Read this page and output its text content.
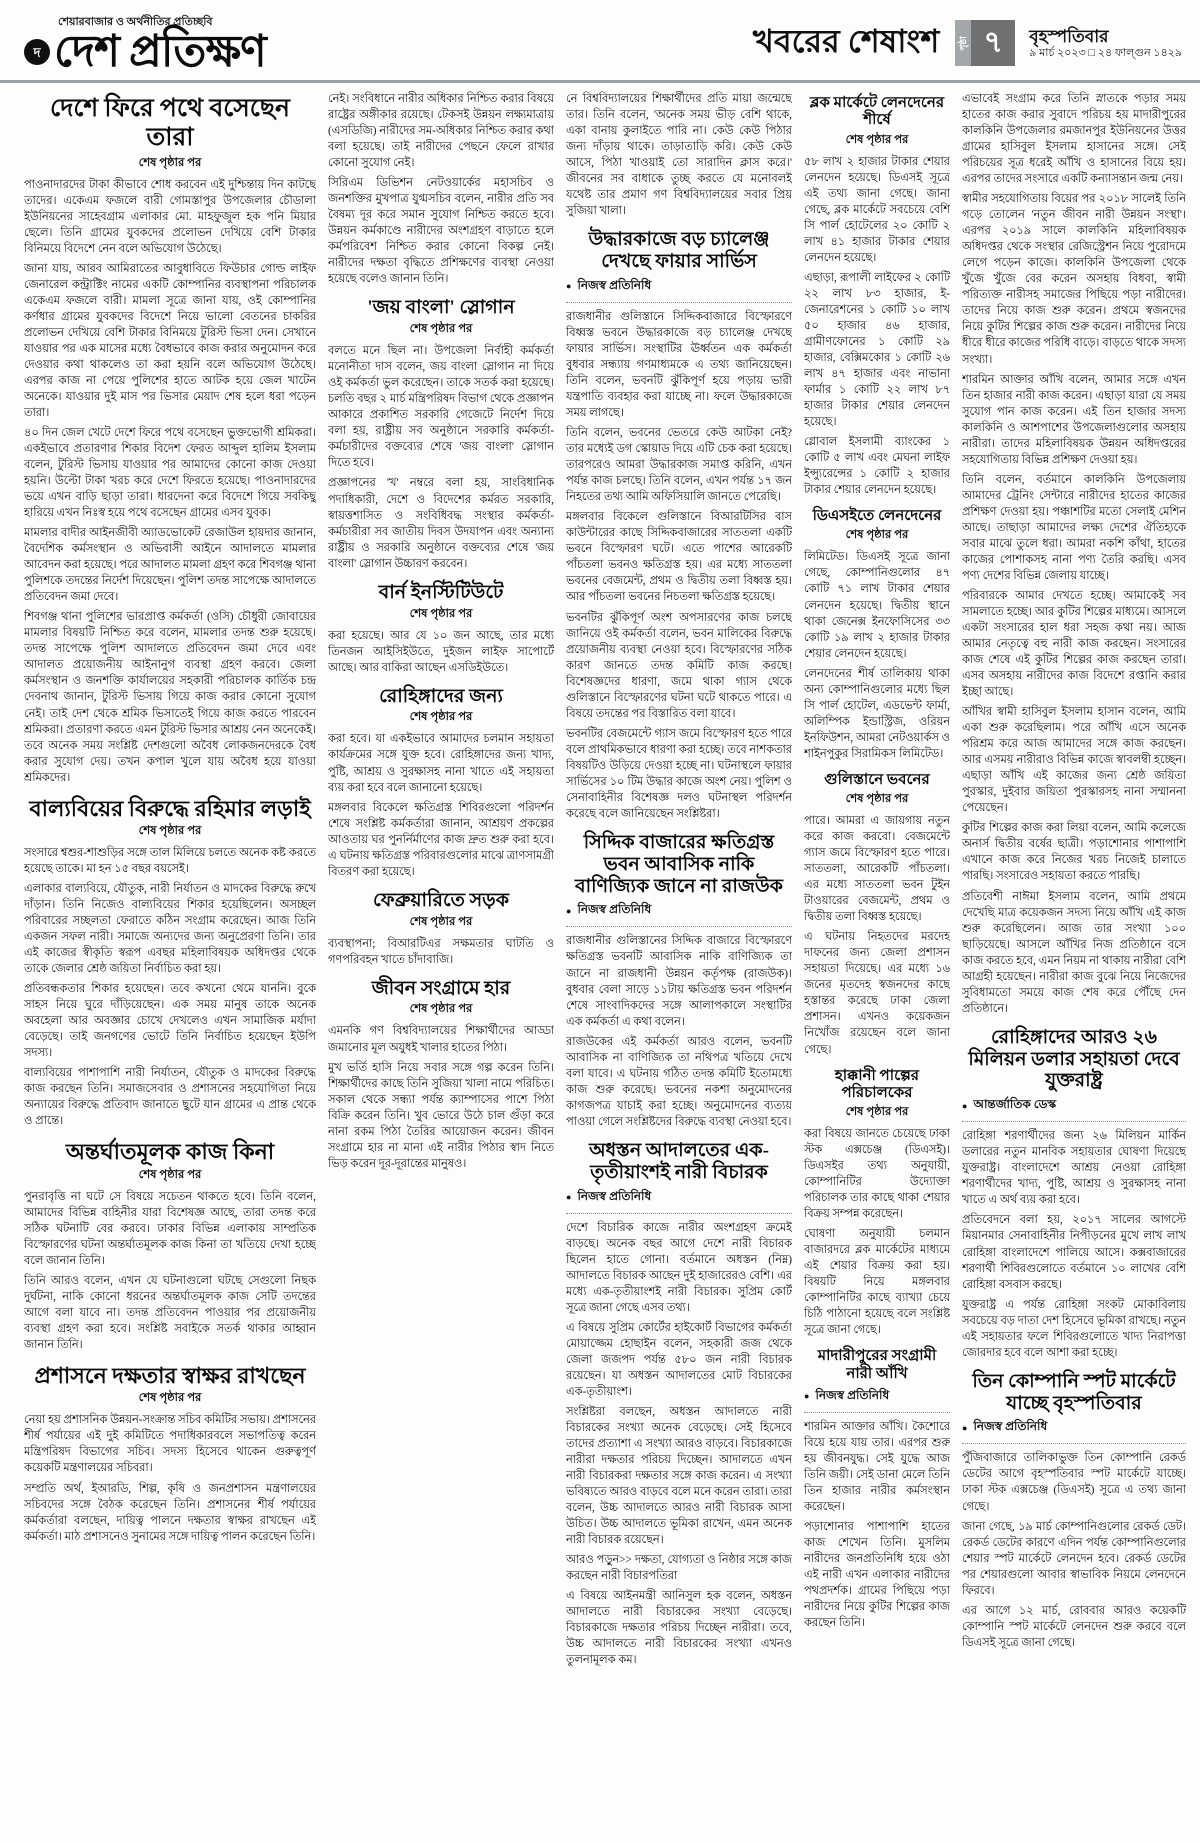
শেয়ারবাজার ও অর্থনীতির প্রতিচ্ছবি
দ দেশ প্রতিক্ষণ	খবরের শেষাংশ পৃষ্ঠা ৭	বৃহস্পতিবার
৯ মার্চ ২০২৩ □ ২৪ ফাল্গুন ১৪২৯
দেশে ফিরে পথে বসেছেন তারা
শেষ পৃষ্ঠার পর

পাওনাদারদের টাকা কীভাবে শোধ করবেন এই দুশ্চিন্তায় দিন কাটছে তাদের। একেএম ফজলে বারী গোমস্তাপুর উপজেলার চৌডালা ইউনিয়নের সাহেবগ্রাম এলাকার মো. মাহফুজুল হক পনি মিয়ার ছেলে। তিনি গ্রামের যুবকদের প্রলোভন দেখিয়ে বেশি টাকার বিনিময়ে বিদেশে নেন বলে অভিযোগ উঠেছে।

জানা যায়, আরব আমিরাতের আবুধাবিতে ফিউচার গোল্ড লাইফ জেনারেল কন্ট্রাক্টিং নামের একটি কোম্পানির ব্যবস্থাপনা পরিচালক একেএম ফজলে বারী। মামলা সূত্রে জানা যায়, ওই কোম্পানির কর্ণধার গ্রামের যুবকদের বিদেশে নিয়ে ভালো বেতনের চাকরির প্রলোভন দেখিয়ে বেশি টাকার বিনিময়ে টুরিস্ট ভিসা দেন। সেখানে যাওয়ার পর এক মাসের মধ্যে বৈধভাবে কাজ করার অনুমোদন করে দেওয়ার কথা থাকলেও তা করা হয়নি বলে অভিযোগ উঠেছে। এরপর কাজ না পেয়ে পুলিশের হাতে আটক হয়ে জেল খাটেন অনেকে। যাওয়ার দুই মাস পর ভিসার মেয়াদ শেষ হলে ধরা পড়েন তারা।

৪০ দিন জেল খেটে দেশে ফিরে পথে বসেছেন ভুক্তভোগী শ্রমিকরা। একইভাবে প্রতারণার শিকার বিদেশ ফেরত আব্দুল হালিম ইসলাম বলেন, টুরিস্ট ভিসায় যাওয়ার পর আমাদের কোনো কাজ দেওয়া হয়নি। উল্টো টাকা খরচ করে দেশে ফিরতে হয়েছে। পাওনাদারদের ভয়ে এখন বাড়ি ছাড়া তারা। ধারদেনা করে বিদেশে গিয়ে সবকিছু হারিয়ে এখন নিঃস্ব হয়ে পথে বসেছেন গ্রামের এসব যুবক।

মামলার বাদীর আইনজীবী অ্যাডভোকেট রেজাউল হায়দার জানান, বৈদেশিক কর্মসংস্থান ও অভিবাসী আইনে আদালতে মামলার আবেদন করা হয়েছে। পরে আদালত মামলা গ্রহণ করে শিবগঞ্জ থানা পুলিশকে তদন্তের নির্দেশ দিয়েছেন। পুলিশ তদন্ত সাপেক্ষে আদালতে প্রতিবেদন জমা দেবে।

শিবগঞ্জ থানা পুলিশের ভারপ্রাপ্ত কর্মকর্তা (ওসি) চৌধুরী জোবায়ের মামলার বিষয়টি নিশ্চিত করে বলেন, মামলার তদন্ত শুরু হয়েছে। তদন্ত সাপেক্ষে পুলিশ আদালতে প্রতিবেদন জমা দেবে এবং আদালত প্রয়োজনীয় আইনানুগ ব্যবস্থা গ্রহণ করবে। জেলা কর্মসংস্থান ও জনশক্তি কার্যালয়ের সহকারী পরিচালক কার্তিক চন্দ্র দেবনাথ জানান, টুরিস্ট ভিসায় গিয়ে কাজ করার কোনো সুযোগ নেই। তাই দেশ থেকে শ্রমিক ভিসাতেই গিয়ে কাজ করতে পারবেন শ্রমিকরা। প্রতারণা করতে এমন টুরিস্ট ভিসার আশ্রয় নেন অনেকেই। তবে অনেক সময় সংশ্লিষ্ট দেশগুলো অবৈধ লোকজনদেরকে বৈধ করার সুযোগ দেয়। তখন কপাল খুলে যায় অবৈধ হয়ে যাওয়া শ্রমিকদের।

বাল্যবিয়ের বিরুদ্ধে রহিমার লড়াই
শেষ পৃষ্ঠার পর

সংসারে শ্বশুর-শাশুড়ির সঙ্গে তাল মিলিয়ে চলতে অনেক কষ্ট করতে হয়েছে তাকে। মা হন ১৫ বছর বয়সেই।

এলাকার বাল্যবিয়ে, যৌতুক, নারী নির্যাতন ও মাদকের বিরুদ্ধে রুখে দাঁড়ান। তিনি নিজেও বাল্যবিয়ের শিকার হয়েছিলেন। অসচ্ছল পরিবারের সচ্ছলতা ফেরাতে কঠিন সংগ্রাম করেছেন। আজ তিনি একজন সফল নারী। সমাজে অন্যদের জন্য অনুপ্রেরণা তিনি। তার এই কাজের স্বীকৃতি স্বরূপ এবছর মহিলাবিষয়ক অধিদপ্তর থেকে তাকে জেলার শ্রেষ্ঠ জয়িতা নির্বাচিত করা হয়।

প্রতিবন্ধকতার শিকার হয়েছেন। তবে কখনো থেমে যাননি। বুকে সাহস নিয়ে ঘুরে দাঁড়িয়েছেন। এক সময় মানুষ তাকে অনেক অবহেলা আর অবজ্ঞার চোখে দেখলেও এখন সামাজিক মর্যাদা বেড়েছে। তাই জনগণের ভোটে তিনি নির্বাচিত হয়েছেন ইউপি সদস্য।

বাল্যবিয়ের পাশাপাশি নারী নির্যাতন, যৌতুক ও মাদকের বিরুদ্ধে কাজ করছেন তিনি। সমাজসেবার ও প্রশাসনের সহযোগিতা নিয়ে অন্যায়ের বিরুদ্ধে প্রতিবাদ জানাতে ছুটে যান গ্রামের এ প্রান্ত থেকে ও প্রান্তে।

অন্তর্ঘাতমূলক কাজ কিনা
শেষ পৃষ্ঠার পর

পুনরাবৃত্তি না ঘটে সে বিষয়ে সচেতন থাকতে হবে। তিনি বলেন, আমাদের বিভিন্ন বাহিনীর যারা বিশেষজ্ঞ আছে, তারা তদন্ত করে সঠিক ঘটনাটি বের করবে। ঢাকার বিভিন্ন এলাকায় সাম্প্রতিক বিস্ফোরণের ঘটনা অন্তর্ঘাতমূলক কাজ কিনা তা খতিয়ে দেখা হচ্ছে বলে জানান তিনি।

তিনি আরও বলেন, এখন যে ঘটনাগুলো ঘটছে সেগুলো নিছক দুর্ঘটনা, নাকি কোনো ধরনের অন্তর্ঘাতমূলক কাজ সেটি তদন্তের আগে বলা যাবে না। তদন্ত প্রতিবেদন পাওয়ার পর প্রয়োজনীয় ব্যবস্থা গ্রহণ করা হবে। সংশ্লিষ্ট সবাইকে সতর্ক থাকার আহ্বান জানান তিনি।

প্রশাসনে দক্ষতার স্বাক্ষর রাখছেন
শেষ পৃষ্ঠার পর

নেয়া হয় প্রশাসনিক উন্নয়ন-সংক্রান্ত সচিব কমিটির সভায়। প্রশাসনের শীর্ষ পর্যায়ের এই দুই কমিটিতে পদাধিকারবলে সভাপতিত্ব করেন মন্ত্রিপরিষদ বিভাগের সচিব। সদস্য হিসেবে থাকেন গুরুত্বপূর্ণ কয়েকটি মন্ত্রণালয়ের সচিবরা।

সম্প্রতি অর্থ, ইআরডি, শিল্প, কৃষি ও জনপ্রশাসন মন্ত্রণালয়ের সচিবদের সঙ্গে বৈঠক করেছেন তিনি। প্রশাসনের শীর্ষ পর্যায়ের কর্মকর্তারা বলছেন, দায়িত্ব পালনে দক্ষতার স্বাক্ষর রাখছেন এই কর্মকর্তা। মাঠ প্রশাসনেও সুনামের সঙ্গে দায়িত্ব পালন করেছেন তিনি।

নেই। সংবিধানে নারীর অধিকার নিশ্চিত করার বিষয়ে রাষ্ট্রের অঙ্গীকার রয়েছে। টেকসই উন্নয়ন লক্ষ্যমাত্রায় (এসডিজি) নারীদের সম-অধিকার নিশ্চিত করার কথা বলা হয়েছে। তাই নারীদের পেছনে ফেলে রাখার কোনো সুযোগ নেই।

সিরিএম ডিভিশন নেটওয়ার্কের মহাসচিব ও জনশক্তির মুখপাত্র যুগ্মসচিব বলেন, নারীর প্রতি সব বৈষম্য দূর করে সমান সুযোগ নিশ্চিত করতে হবে। উন্নয়ন কর্মকাণ্ডে নারীদের অংশগ্রহণ বাড়াতে হলে কর্মপরিবেশ নিশ্চিত করার কোনো বিকল্প নেই। নারীদের দক্ষতা বৃদ্ধিতে প্রশিক্ষণের ব্যবস্থা নেওয়া হয়েছে বলেও জানান তিনি।

'জয় বাংলা' স্লোগান
শেষ পৃষ্ঠার পর

বলতে মনে ছিল না। উপজেলা নির্বাহী কর্মকর্তা মনোনীতা দাস বলেন, জয় বাংলা স্লোগান না দিয়ে ওই কর্মকর্তা ভুল করেছেন। তাকে সতর্ক করা হয়েছে। চলতি বছর ২ মার্চ মন্ত্রিপরিষদ বিভাগ থেকে প্রজ্ঞাপন আকারে প্রকাশিত সরকারি গেজেটে নির্দেশ দিয়ে বলা হয়, রাষ্ট্রীয় সব অনুষ্ঠানে সরকারি কর্মকর্তা-কর্মচারীদের বক্তব্যের শেষে 'জয় বাংলা' স্লোগান দিতে হবে।

প্রজ্ঞাপনের 'খ' নম্বরে বলা হয়, সাংবিধানিক পদাধিকারী, দেশে ও বিদেশের কর্মরত সরকারি, স্বায়ত্তশাসিত ও সংবিধিবদ্ধ সংস্থার কর্মকর্তা-কর্মচারীরা সব জাতীয় দিবস উদযাপন এবং অন্যান্য রাষ্ট্রীয় ও সরকারি অনুষ্ঠানে বক্তব্যের শেষে 'জয় বাংলা' স্লোগান উচ্চারণ করবেন।

বার্ন ইনস্টিটিউটে
শেষ পৃষ্ঠার পর

করা হয়েছে। আর যে ১০ জন আছে, তার মধ্যে তিনজন আইসিইউতে, দুইজন লাইফ সাপোর্টে আছে। আর বাকিরা আছেন এসডিইউতে।

রোহিঙ্গাদের জন্য
শেষ পৃষ্ঠার পর

করা হবে। যা একইভাবে আমাদের চলমান সহায়তা কার্যক্রমের সঙ্গে যুক্ত হবে। রোহিঙ্গাদের জন্য খাদ্য, পুষ্টি, আশ্রয় ও সুরক্ষাসহ নানা খাতে এই সহায়তা ব্যয় করা হবে বলে জানানো হয়েছে।

মঙ্গলবার বিকেলে ক্ষতিগ্রস্ত শিবিরগুলো পরিদর্শন শেষে সংশ্লিষ্ট কর্মকর্তারা জানান, আশ্রয়ণ প্রকল্পের আওতায় ঘর পুনর্নির্মাণের কাজ দ্রুত শুরু করা হবে। এ ঘটনায় ক্ষতিগ্রস্ত পরিবারগুলোর মাঝে ত্রাণসামগ্রী বিতরণ করা হয়েছে।

ফেব্রুয়ারিতে সড়ক
শেষ পৃষ্ঠার পর

ব্যবস্থাপনা; বিআরটিএর সক্ষমতার ঘাটতি ও গণপরিবহন খাতে চাঁদাবাজি।

জীবন সংগ্রামে হার
শেষ পৃষ্ঠার পর

এমনকি গণ বিশ্ববিদ্যালয়ের শিক্ষার্থীদের আড্ডা জমানোর মূল অযুধই খালার হাতের পিঠা।

মুখ ভর্তি হাসি নিয়ে সবার সঙ্গে গল্প করেন তিনি। শিক্ষার্থীদের কাছে তিনি সুজিয়া খালা নামে পরিচিত। সকাল থেকে সন্ধ্যা পর্যন্ত ক্যাম্পাসের পাশে পিঠা বিক্রি করেন তিনি। খুব ভোরে উঠে চাল গুঁড়া করে নানা রকম পিঠা তৈরির আয়োজন করেন। জীবন সংগ্রামে হার না মানা এই নারীর পিঠার স্বাদ নিতে ভিড় করেন দূর-দূরান্তের মানুষও।

নে বিশ্ববিদ্যালয়ের শিক্ষার্থীদের প্রতি মায়া জন্মেছে তার। তিনি বলেন, 'অনেক সময় ভীড় বেশি থাকে, একা বানায় কুলাইতে পারি না। কেউ কেউ পিঠার জন্য দাঁড়ায় থাকে। তাড়াতাড়ি করি। কেউ কেউ আসে, পিঠা খাওয়াই তো সারাদিন ক্লাস করে।' জীবনের সব বাধাকে তুচ্ছ করতে যে মনোবলই যথেষ্ট তার প্রমাণ গণ বিশ্ববিদ্যালয়ের সবার প্রিয় সুজিয়া খালা।

উদ্ধারকাজে বড় চ্যালেঞ্জ দেখছে ফায়ার সার্ভিস
● নিজস্ব প্রতিনিধি

রাজধানীর গুলিস্তানে সিদ্দিকবাজারে বিস্ফোরণে বিধ্বস্ত ভবনে উদ্ধারকাজে বড় চ্যালেঞ্জ দেখছে ফায়ার সার্ভিস। সংস্থাটির ঊর্ধ্বতন এক কর্মকর্তা বুধবার সন্ধ্যায় গণমাধ্যমকে এ তথ্য জানিয়েছেন। তিনি বলেন, ভবনটি ঝুঁকিপূর্ণ হয়ে পড়ায় ভারী যন্ত্রপাতি ব্যবহার করা যাচ্ছে না। ফলে উদ্ধারকাজে সময় লাগছে।

তিনি বলেন, ভবনের ভেতরে কেউ আটকা নেই? তার মধ্যেই ডগ স্কোয়াড দিয়ে এটি চেক করা হয়েছে। তারপরেও আমরা উদ্ধারকাজ সমাপ্ত করিনি, এখন পর্যন্ত কাজ চলছে। তিনি বলেন, এখন পর্যন্ত ১৭ জন নিহতের তথ্য আমি অফিসিয়ালি জানতে পেরেছি।

মঙ্গলবার বিকেলে গুলিস্তানে বিআরটিসির বাস কাউন্টারের কাছে সিদ্দিকবাজারের সাততলা একটি ভবনে বিস্ফোরণ ঘটে। এতে পাশের আরেকটি পাঁচতলা ভবনও ক্ষতিগ্রস্ত হয়। এর মধ্যে সাততলা ভবনের বেজমেন্ট, প্রথম ও দ্বিতীয় তলা বিধ্বস্ত হয়। আর পাঁচতলা ভবনের নিচতলা ক্ষতিগ্রস্ত হয়েছে।

ভবনটির ঝুঁকিপূর্ণ অংশ অপসারণের কাজ চলছে জানিয়ে ওই কর্মকর্তা বলেন, ভবন মালিকের বিরুদ্ধে প্রয়োজনীয় ব্যবস্থা নেওয়া হবে। বিস্ফোরণের সঠিক কারণ জানতে তদন্ত কমিটি কাজ করছে। বিশেষজ্ঞদের ধারণা, জমে থাকা গ্যাস থেকে গুলিস্তানে বিস্ফোরণের ঘটনা ঘটে থাকতে পারে। এ বিষয়ে তদন্তের পর বিস্তারিত বলা যাবে।

ভবনটির বেজমেন্টে গ্যাস জমে বিস্ফোরণ হতে পারে বলে প্রাথমিকভাবে ধারণা করা হচ্ছে। তবে নাশকতার বিষয়টিও উড়িয়ে দেওয়া হচ্ছে না। ঘটনাস্থলে ফায়ার সার্ভিসের ১০ টিম উদ্ধার কাজে অংশ নেয়। পুলিশ ও সেনাবাহিনীর বিশেষজ্ঞ দলও ঘটনাস্থল পরিদর্শন করেছে বলে জানিয়েছেন সংশ্লিষ্টরা।

সিদ্দিক বাজারের ক্ষতিগ্রস্ত ভবন আবাসিক নাকি বাণিজ্যিক জানে না রাজউক
● নিজস্ব প্রতিনিধি

রাজধানীর গুলিস্তানের সিদ্দিক বাজারে বিস্ফোরণে ক্ষতিগ্রস্ত ভবনটি আবাসিক নাকি বাণিজ্যিক তা জানে না রাজধানী উন্নয়ন কর্তৃপক্ষ (রাজউক)। বুধবার বেলা সাড়ে ১১টায় ক্ষতিগ্রস্ত ভবন পরিদর্শন শেষে সাংবাদিকদের সঙ্গে আলাপকালে সংস্থাটির এক কর্মকর্তা এ কথা বলেন।

রাজউকের এই কর্মকর্তা আরও বলেন, ভবনটি আবাসিক না বাণিজ্যিক তা নথিপত্র খতিয়ে দেখে বলা যাবে। এ ঘটনায় গঠিত তদন্ত কমিটি ইতোমধ্যে কাজ শুরু করেছে। ভবনের নকশা অনুমোদনের কাগজপত্র যাচাই করা হচ্ছে। অনুমোদনের ব্যত্যয় পাওয়া গেলে সংশ্লিষ্টদের বিরুদ্ধে ব্যবস্থা নেওয়া হবে।

অধস্তন আদালতের এক-তৃতীয়াংশই নারী বিচারক
● নিজস্ব প্রতিনিধি

দেশে বিচারিক কাজে নারীর অংশগ্রহণ ক্রমেই বাড়ছে। অনেক বছর আগে দেশে নারী বিচারক ছিলেন হাতে গোনা। বর্তমানে অধস্তন (নিম্ন) আদালতে বিচারক আছেন দুই হাজারেরও বেশি। এর মধ্যে এক-তৃতীয়াংশই নারী বিচারক। সুপ্রিম কোর্ট সূত্রে জানা গেছে এসব তথ্য।

এ বিষয়ে সুপ্রিম কোর্টের হাইকোর্ট বিভাগের কর্মকর্তা মোয়াজ্জেম হোছাইন বলেন, সহকারী জজ থেকে জেলা জজপদ পর্যন্ত ৫৮০ জন নারী বিচারক রয়েছেন। যা অধস্তন আদালতের মোট বিচারকের এক-তৃতীয়াংশ।

সংশ্লিষ্টরা বলছেন, অধস্তন আদালতে নারী বিচারকের সংখ্যা অনেক বেড়েছে। সেই হিসেবে তাদের প্রত্যাশা এ সংখ্যা আরও বাড়বে। বিচারকাজে নারীরা দক্ষতার পরিচয় দিচ্ছেন। আদালতে এখন নারী বিচারকরা দক্ষতার সঙ্গে কাজ করেন। এ সংখ্যা ভবিষ্যতে আরও বাড়বে বলে মনে করেন তারা। তারা বলেন, উচ্চ আদালতে আরও নারী বিচারক আসা উচিত। উচ্চ আদালতে ভূমিকা রাখেন, এমন অনেক নারী বিচারক রয়েছেন।

আরও পড়ুন>> দক্ষতা, যোগ্যতা ও নিষ্ঠার সঙ্গে কাজ করছেন নারী বিচারপতিরা

এ বিষয়ে আইনমন্ত্রী আনিসুল হক বলেন, অধস্তন আদালতে নারী বিচারকের সংখ্যা বেড়েছে। বিচারকাজে দক্ষতার পরিচয় দিচ্ছেন নারীরা। তবে, উচ্চ আদালতে নারী বিচারকের সংখ্যা এখনও তুলনামূলক কম।

ব্লক মার্কেটে লেনদেনের শীর্ষে
শেষ পৃষ্ঠার পর

৫৮ লাখ ২ হাজার টাকার শেয়ার লেনদেন হয়েছে। ডিএসই সূত্রে এই তথ্য জানা গেছে। জানা গেছে, ব্লক মার্কেটে সবচেয়ে বেশি সি পার্ল হোটেলের ২০ কোটি ২ লাখ ৪১ হাজার টাকার শেয়ার লেনদেন হয়েছে।

এছাড়া, রূপালী লাইফের ২ কোটি ২২ লাখ ৮৩ হাজার, ই-জেনারেশনের ১ কোটি ১০ লাখ ৫০ হাজার ৪৬ হাজার, গ্রামীণফোনের ১ কোটি ২৯ হাজার, বেক্সিমকোর ১ কোটি ২৬ লাখ ৪৭ হাজার এবং নাভানা ফার্মার ১ কোটি ২২ লাখ ৮৭ হাজার টাকার শেয়ার লেনদেন হয়েছে।

গ্লোবাল ইসলামী ব্যাংকের ১ কোটি ৫ লাখ এবং মেঘনা লাইফ ইন্স্যুরেন্সের ১ কোটি ২ হাজার টাকার শেয়ার লেনদেন হয়েছে।

ডিএসইতে লেনদেনের
শেষ পৃষ্ঠার পর

লিমিটেড। ডিএসই সূত্রে জানা গেছে, কোম্পানিগুলোর ৪৭ কোটি ৭১ লাখ টাকার শেয়ার লেনদেন হয়েছে। দ্বিতীয় স্থানে থাকা জেনেক্স ইনফোসিসের ৩৩ কোটি ১৯ লাখ ২ হাজার টাকার শেয়ার লেনদেন হয়েছে।

লেনদেনের শীর্ষ তালিকায় থাকা অন্য কোম্পানিগুলোর মধ্যে ছিল সি পার্ল হোটেল, এডভেন্ট ফার্মা, অলিম্পিক ইন্ডাস্ট্রিজ, ওরিয়ন ইনফিউশন, আমরা নেটওয়ার্কস ও শাইনপুকুর সিরামিকস লিমিটেড।

গুলিস্তানে ভবনের
শেষ পৃষ্ঠার পর

পারে। আমরা এ জায়গায় নতুন করে কাজ করবো। বেজমেন্টে গ্যাস জমে বিস্ফোরণ হতে পারে। সাততলা, আরেকটি পাঁচতলা। এর মধ্যে সাততলা ভবন টুইন টাওয়ারের বেজমেন্ট, প্রথম ও দ্বিতীয় তলা বিধ্বস্ত হয়েছে।

এ ঘটনায় নিহতদের মরদেহ দাফনের জন্য জেলা প্রশাসন সহায়তা দিয়েছে। এর মধ্যে ১৬ জনের মৃতদেহ স্বজনদের কাছে হস্তান্তর করেছে ঢাকা জেলা প্রশাসন। এখনও কয়েকজন নিখোঁজ রয়েছেন বলে জানা গেছে।

হাক্কানী পাল্পের পরিচালকের
শেষ পৃষ্ঠার পর

করা বিষয়ে জানতে চেয়েছে ঢাকা স্টক এক্সচেঞ্জ (ডিএসই)। ডিএসইর তথ্য অনুযায়ী, কোম্পানিটির উদ্যোক্তা পরিচালক তার কাছে থাকা শেয়ার বিক্রয় সম্পন্ন করেছেন।

ঘোষণা অনুযায়ী চলমান বাজারদরে ব্লক মার্কেটের মাধ্যমে এই শেয়ার বিক্রয় করা হয়। বিষয়টি নিয়ে মঙ্গলবার কোম্পানিটির কাছে ব্যাখ্যা চেয়ে চিঠি পাঠানো হয়েছে বলে সংশ্লিষ্ট সূত্রে জানা গেছে।

মাদারীপুরের সংগ্রামী নারী আঁখি
● নিজস্ব প্রতিনিধি

শারমিন আক্তার আঁখি। কৈশোরে বিয়ে হয়ে যায় তার। এরপর শুরু হয় জীবনযুদ্ধ। সেই যুদ্ধে আজ তিনি জয়ী। সেই ডানা মেলে তিনি তিন হাজার নারীর কর্মসংস্থান করেছেন।

পড়াশোনার পাশাপাশি হাতের কাজ শেখেন তিনি। মুসলিম নারীদের জনপ্রতিনিধি হয়ে ওঠা এই নারী এখন এলাকার নারীদের পথপ্রদর্শক। গ্রামের পিছিয়ে পড়া নারীদের নিয়ে কুটির শিল্পের কাজ করছেন তিনি।

এভাবেই সংগ্রাম করে তিনি স্নাতকে পড়ার সময় হাতের কাজ করার সুবাদে পরিচয় হয় মাদারীপুরের কালকিনি উপজেলার রমজানপুর ইউনিয়নের উত্তর গ্রামের হাসিবুল ইসলাম হাসানের সঙ্গে। সেই পরিচয়ের সূত্র ধরেই আঁখি ও হাসানের বিয়ে হয়। এরপর তাদের সংসারে একটি কন্যাসন্তান জন্ম নেয়।

স্বামীর সহযোগিতায় বিয়ের পর ২০১৮ সালেই তিনি গড়ে তোলেন 'নতুন জীবন নারী উন্নয়ন সংস্থা'। এরপর ২০১৯ সালে কালকিনি মহিলাবিষয়ক অধিদপ্তর থেকে সংস্থার রেজিস্ট্রেশন নিয়ে পুরোদমে লেগে পড়েন কাজে। কালকিনি উপজেলা থেকে খুঁজে খুঁজে বের করেন অসহায় বিধবা, স্বামী পরিত্যক্ত নারীসহ সমাজের পিছিয়ে পড়া নারীদের। তাদের নিয়ে কাজ শুরু করেন। প্রথমে স্বজনদের নিয়ে কুটির শিল্পের কাজ শুরু করেন। নারীদের নিয়ে ধীরে ধীরে কাজের পরিধি বাড়ে। বাড়তে থাকে সদস্য সংখ্যা।

শারমিন আক্তার আঁখি বলেন, আমার সঙ্গে এখন তিন হাজার নারী কাজ করেন। এছাড়া যারা যে সময় সুযোগ পান কাজ করেন। এই তিন হাজার সদস্য কালকিনি ও আশপাশের উপজেলাগুলোর অসহায় নারীরা। তাদের মহিলাবিষয়ক উন্নয়ন অধিদপ্তরের সহযোগিতায় বিভিন্ন প্রশিক্ষণ দেওয়া হয়।

তিনি বলেন, বর্তমানে কালকিনি উপজেলায় আমাদের ট্রেনিং সেন্টারে নারীদের হাতের কাজের প্রশিক্ষণ দেওয়া হয়। পঞ্চাশটির মতো সেলাই মেশিন আছে। তাছাড়া আমাদের লক্ষ্য দেশের ঐতিহ্যকে সবার মাঝে তুলে ধরা। আমরা নকশি কাঁথা, হাতের কাজের পোশাকসহ নানা পণ্য তৈরি করছি। এসব পণ্য দেশের বিভিন্ন জেলায় যাচ্ছে।

পরিবারকে আমার দেখতে হচ্ছে। আমাকেই সব সামলাতে হচ্ছে। আর কুটির শিল্পের মাধ্যমে। আসলে একটা সংসারের হাল ধরা সহজ কথা নয়। আজ আমার নেতৃত্বে বহু নারী কাজ করছেন। সংসারের কাজ শেষে এই কুটির শিল্পের কাজ করছেন তারা। এসব অসহায় নারীদের কাজ বিদেশে রপ্তানি করার ইচ্ছা আছে।

আঁখির স্বামী হাসিবুল ইসলাম হাসান বলেন, আমি একা শুরু করেছিলাম। পরে আঁখি এসে অনেক পরিশ্রম করে আজ আমাদের সঙ্গে কাজ করছেন। আর এসময় নারীরাও বিভিন্ন কাজে স্বাবলম্বী হচ্ছেন। এছাড়া আঁখি এই কাজের জন্য শ্রেষ্ঠ জয়িতা পুরস্কার, দুইবার জয়িতা পুরস্কারসহ নানা সম্মাননা পেয়েছেন।

কুটির শিল্পের কাজ করা লিয়া বলেন, আমি কলেজে অনার্স দ্বিতীয় বর্ষের ছাত্রী। পড়াশোনার পাশাপাশি এখানে কাজ করে নিজের খরচ নিজেই চালাতে পারছি। সংসারেও সহায়তা করতে পারছি।

প্রতিবেশী নাঈমা ইসলাম বলেন, আমি প্রথমে দেখেছি মাত্র কয়েকজন সদস্য নিয়ে আঁখি এই কাজ শুরু করেছিলেন। আজ তার সংখ্যা ১০০ ছাড়িয়েছে। আসলে আঁখির নিজ প্রতিষ্ঠানে বসে কাজ করতে হবে, এমন নিয়ম না থাকায় নারীরা বেশি আগ্রহী হয়েছেন। নারীরা কাজ বুঝে নিয়ে নিজেদের সুবিধামতো সময়ে কাজ শেষ করে পৌঁছে দেন প্রতিষ্ঠানে।

রোহিঙ্গাদের আরও ২৬ মিলিয়ন ডলার সহায়তা দেবে যুক্তরাষ্ট্র
● আন্তর্জাতিক ডেস্ক

রোহিঙ্গা শরণার্থীদের জন্য ২৬ মিলিয়ন মার্কিন ডলারের নতুন মানবিক সহায়তার ঘোষণা দিয়েছে যুক্তরাষ্ট্র। বাংলাদেশে আশ্রয় নেওয়া রোহিঙ্গা শরণার্থীদের খাদ্য, পুষ্টি, আশ্রয় ও সুরক্ষাসহ নানা খাতে এ অর্থ ব্যয় করা হবে।

প্রতিবেদনে বলা হয়, ২০১৭ সালের আগস্টে মিয়ানমার সেনাবাহিনীর নিপীড়নের মুখে লাখ লাখ রোহিঙ্গা বাংলাদেশে পালিয়ে আসে। কক্সবাজারের শরণার্থী শিবিরগুলোতে বর্তমানে ১০ লাখের বেশি রোহিঙ্গা বসবাস করছে।

যুক্তরাষ্ট্র এ পর্যন্ত রোহিঙ্গা সংকট মোকাবিলায় সবচেয়ে বড় দাতা দেশ হিসেবে ভূমিকা রাখছে। নতুন এই সহায়তার ফলে শিবিরগুলোতে খাদ্য নিরাপত্তা জোরদার হবে বলে আশা করা হচ্ছে।

তিন কোম্পানি স্পট মার্কেটে যাচ্ছে বৃহস্পতিবার
● নিজস্ব প্রতিনিধি

পুঁজিবাজারে তালিকাভুক্ত তিন কোম্পানি রেকর্ড ডেটের আগে বৃহস্পতিবার স্পট মার্কেটে যাচ্ছে। ঢাকা স্টক এক্সচেঞ্জ (ডিএসই) সূত্রে এ তথ্য জানা গেছে।

জানা গেছে, ১৯ মার্চ কোম্পানিগুলোর রেকর্ড ডেট। রেকর্ড ডেটের কারণে এদিন পর্যন্ত কোম্পানিগুলোর শেয়ার স্পট মার্কেটে লেনদেন হবে। রেকর্ড ডেটের পর শেয়ারগুলো আবার স্বাভাবিক নিয়মে লেনদেনে ফিরবে।

এর আগে ১২ মার্চ, রোববার আরও কয়েকটি কোম্পানি স্পট মার্কেটে লেনদেন শুরু করবে বলে ডিএসই সূত্রে জানা গেছে।
